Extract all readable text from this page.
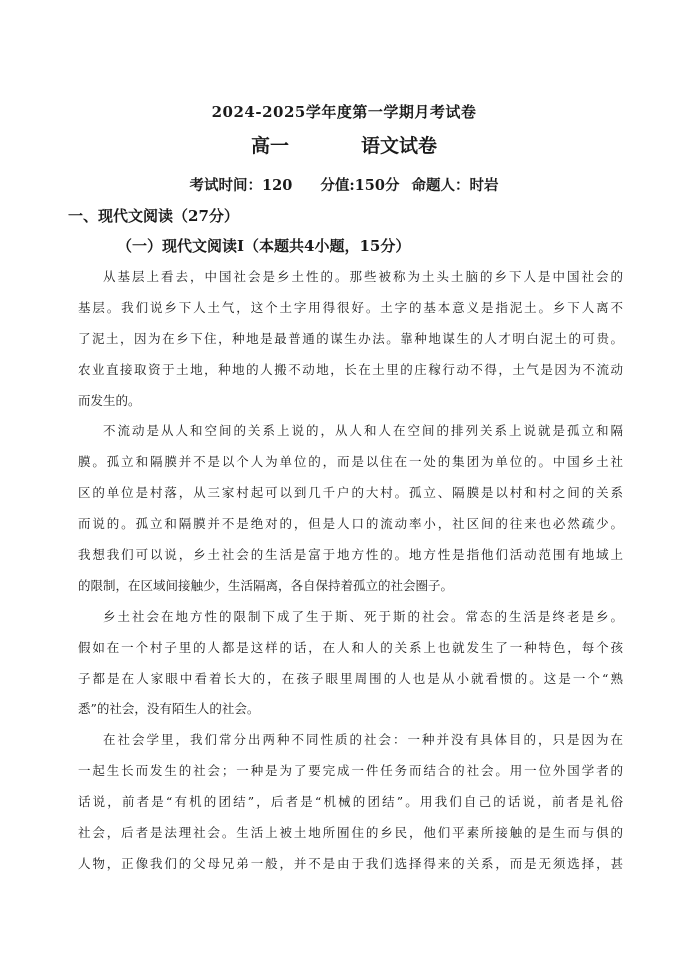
2024-2025学年度第一学期月考试卷
高一	语文试卷
考试时间：120 分值:150分 命题人：时岩
一、现代文阅读（27分）
（一）现代文阅读Ⅰ（本题共4小题，15分）
从基层上看去，中国社会是乡土性的。那些被称为土头土脑的乡下人是中国社会的
基层。我们说乡下人土气，这个土字用得很好。土字的基本意义是指泥土。乡下人离不
了泥土，因为在乡下住，种地是最普通的谋生办法。靠种地谋生的人才明白泥土的可贵。
农业直接取资于土地，种地的人搬不动地，长在土里的庄稼行动不得，土气是因为不流动
而发生的。
不流动是从人和空间的关系上说的，从人和人在空间的排列关系上说就是孤立和隔
膜。孤立和隔膜并不是以个人为单位的，而是以住在一处的集团为单位的。中国乡土社
区的单位是村落，从三家村起可以到几千户的大村。孤立、隔膜是以村和村之间的关系
而说的。孤立和隔膜并不是绝对的，但是人口的流动率小，社区间的往来也必然疏少。
我想我们可以说，乡土社会的生活是富于地方性的。地方性是指他们活动范围有地域上
的限制，在区域间接触少，生活隔离，各自保持着孤立的社会圈子。
乡土社会在地方性的限制下成了生于斯、死于斯的社会。常态的生活是终老是乡。
假如在一个村子里的人都是这样的话，在人和人的关系上也就发生了一种特色，每个孩
子都是在人家眼中看着长大的，在孩子眼里周围的人也是从小就看惯的。这是一个“熟
悉”的社会，没有陌生人的社会。
在社会学里，我们常分出两种不同性质的社会：一种并没有具体目的，只是因为在
一起生长而发生的社会；一种是为了要完成一件任务而结合的社会。用一位外国学者的
话说，前者是“有机的团结”，后者是“机械的团结”。用我们自己的话说，前者是礼俗
社会，后者是法理社会。生活上被土地所囿住的乡民，他们平素所接触的是生而与俱的
人物，正像我们的父母兄弟一般，并不是由于我们选择得来的关系，而是无须选择，甚
